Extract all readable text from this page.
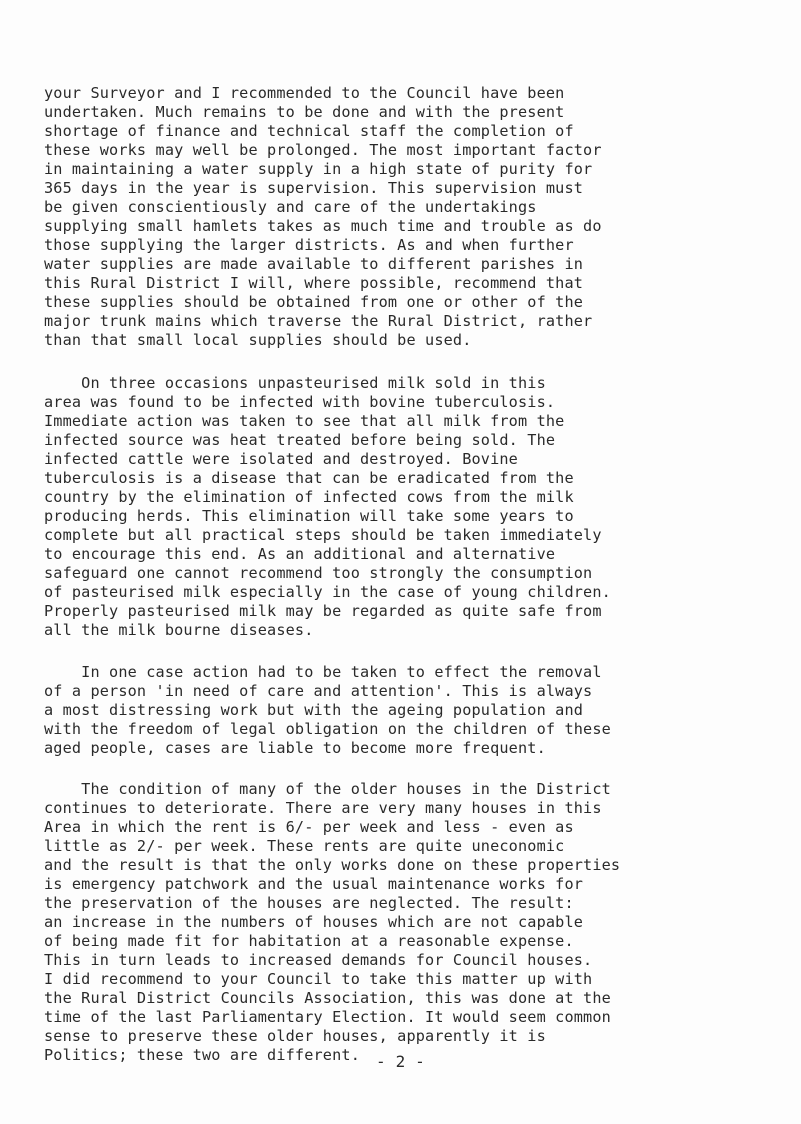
your Surveyor and I recommended to the Council have been
undertaken. Much remains to be done and with the present
shortage of finance and technical staff the completion of
these works may well be prolonged. The most important factor
in maintaining a water supply in a high state of purity for
365 days in the year is supervision. This supervision must
be given conscientiously and care of the undertakings
supplying small hamlets takes as much time and trouble as do
those supplying the larger districts. As and when further
water supplies are made available to different parishes in
this Rural District I will, where possible, recommend that
these supplies should be obtained from one or other of the
major trunk mains which traverse the Rural District, rather
than that small local supplies should be used.
On three occasions unpasteurised milk sold in this
area was found to be infected with bovine tuberculosis.
Immediate action was taken to see that all milk from the
infected source was heat treated before being sold. The
infected cattle were isolated and destroyed. Bovine
tuberculosis is a disease that can be eradicated from the
country by the elimination of infected cows from the milk
producing herds. This elimination will take some years to
complete but all practical steps should be taken immediately
to encourage this end. As an additional and alternative
safeguard one cannot recommend too strongly the consumption
of pasteurised milk especially in the case of young children.
Properly pasteurised milk may be regarded as quite safe from
all the milk bourne diseases.
In one case action had to be taken to effect the removal
of a person 'in need of care and attention'. This is always
a most distressing work but with the ageing population and
with the freedom of legal obligation on the children of these
aged people, cases are liable to become more frequent.
The condition of many of the older houses in the District
continues to deteriorate. There are very many houses in this
Area in which the rent is 6/- per week and less - even as
little as 2/- per week. These rents are quite uneconomic
and the result is that the only works done on these properties
is emergency patchwork and the usual maintenance works for
the preservation of the houses are neglected. The result:
an increase in the numbers of houses which are not capable
of being made fit for habitation at a reasonable expense.
This in turn leads to increased demands for Council houses.
I did recommend to your Council to take this matter up with
the Rural District Councils Association, this was done at the
time of the last Parliamentary Election. It would seem common
sense to preserve these older houses, apparently it is
Politics; these two are different.	- 2 -
